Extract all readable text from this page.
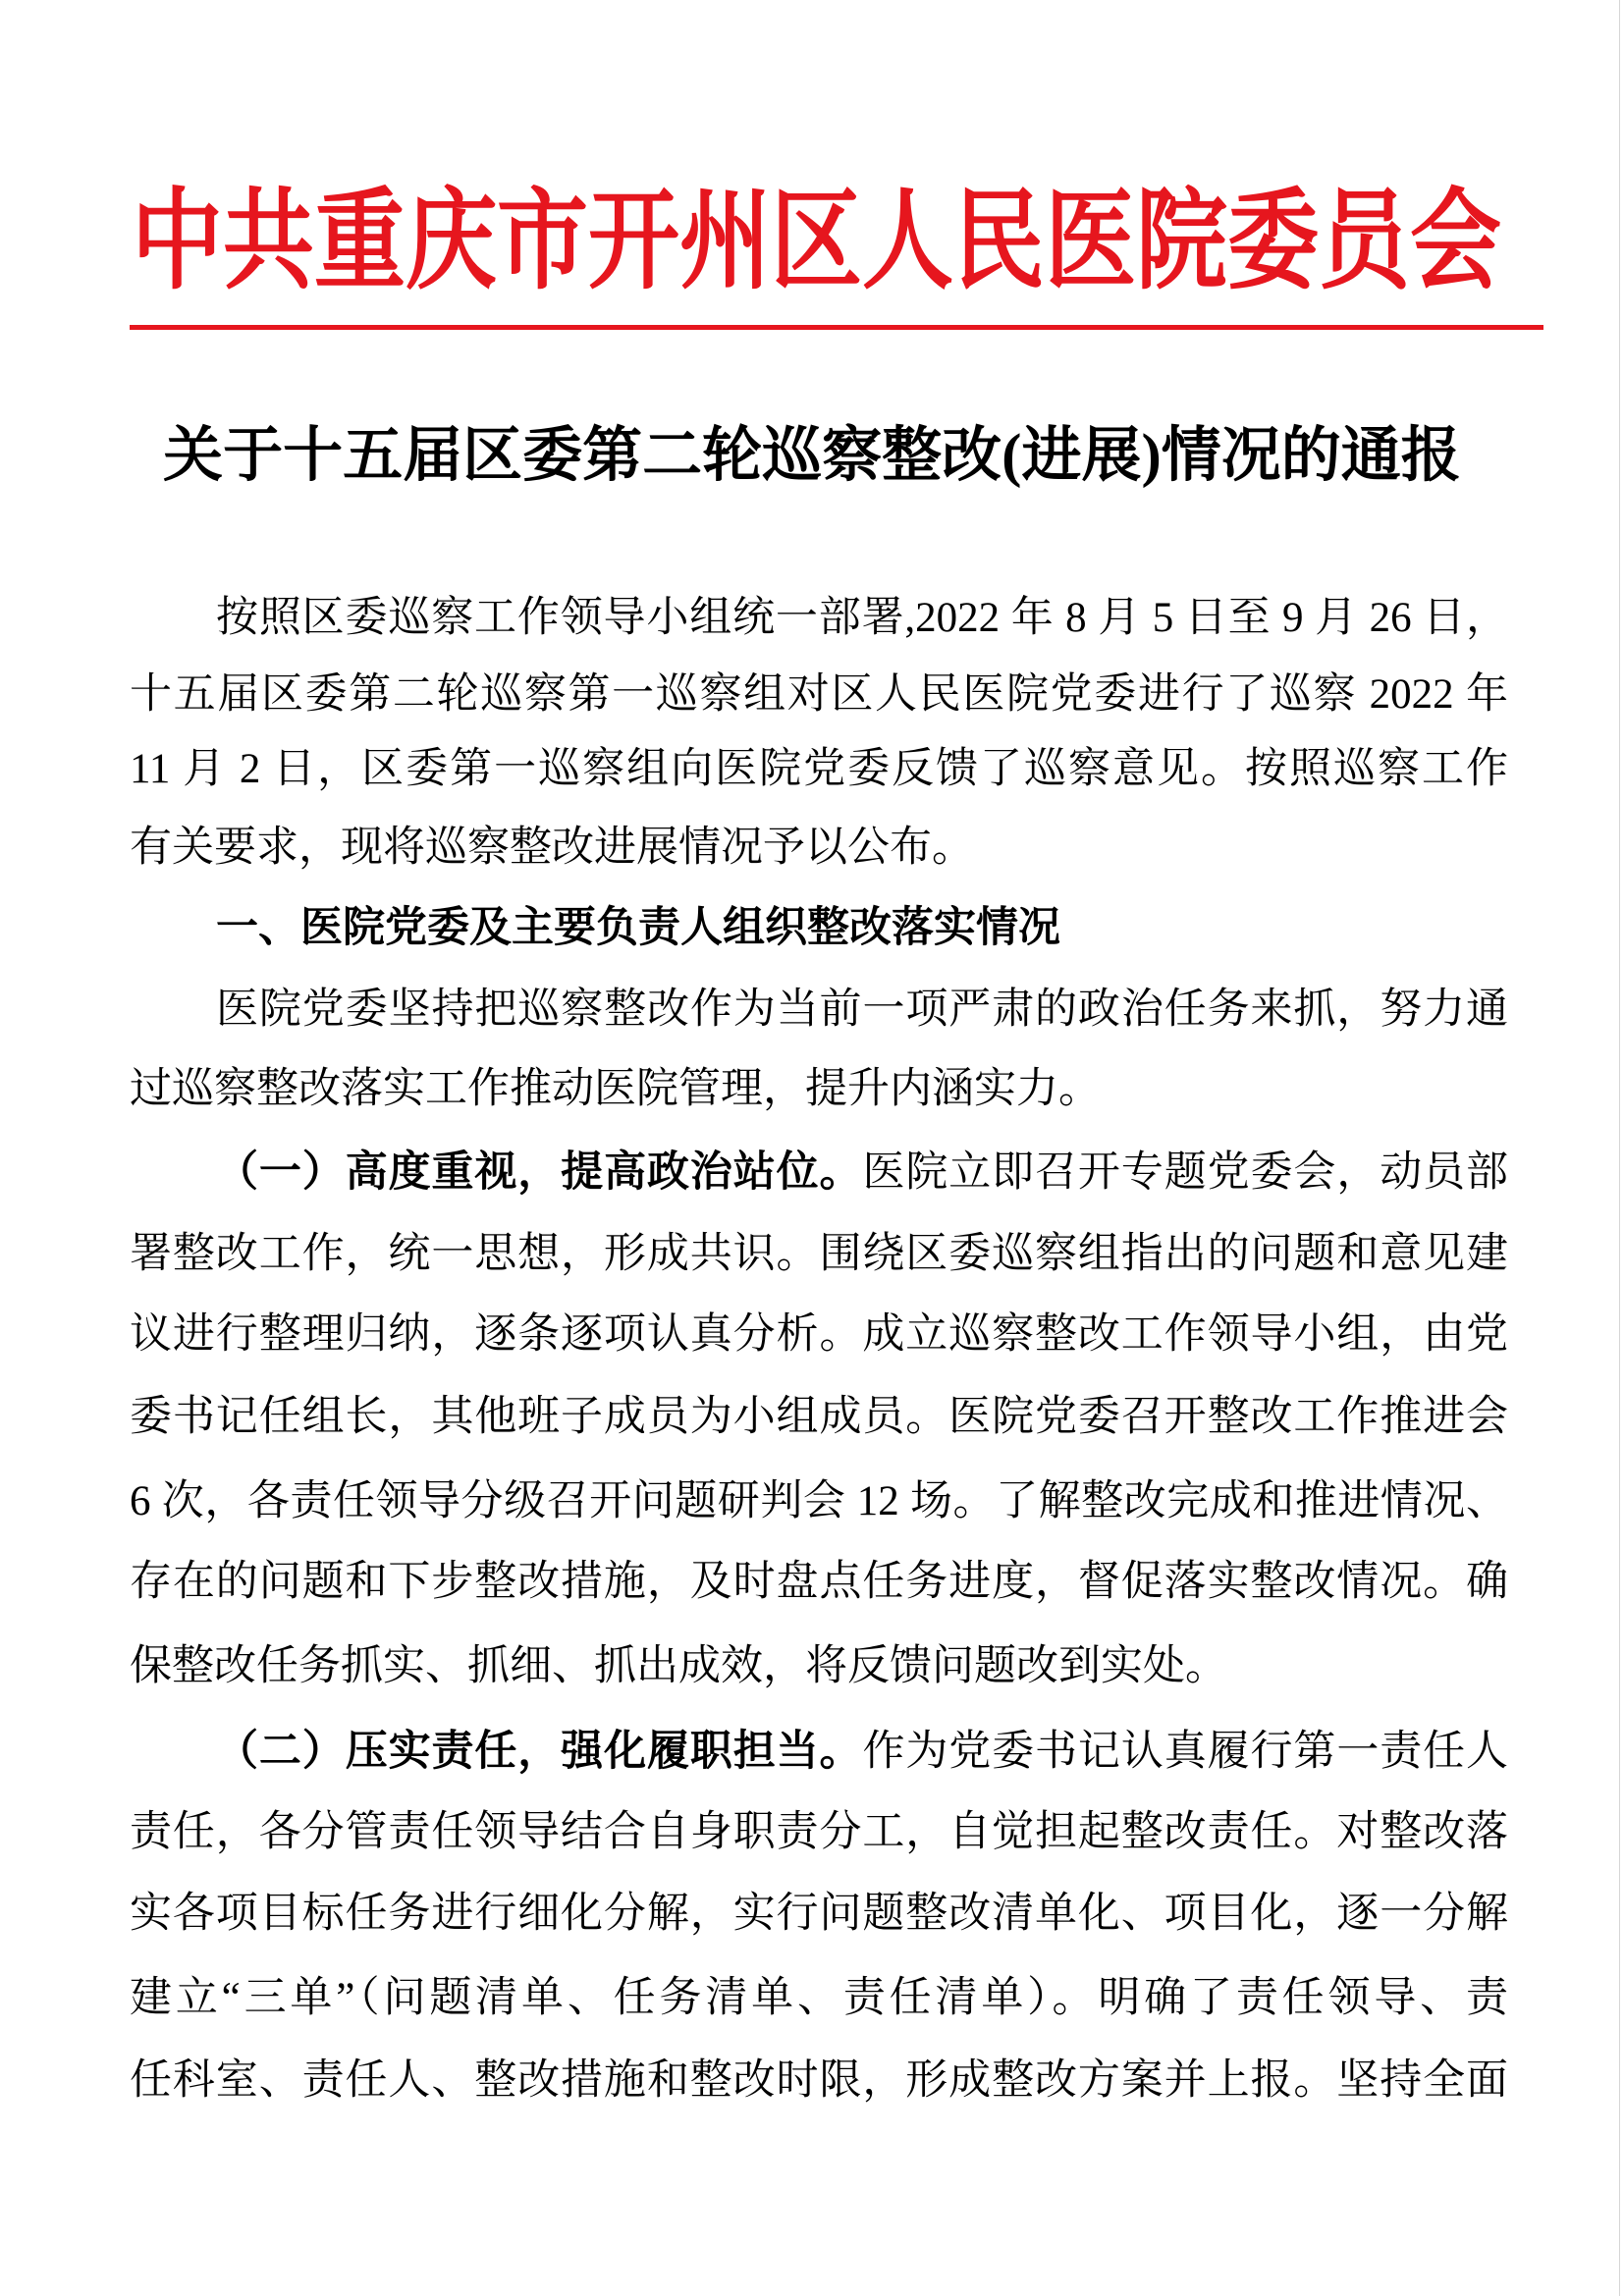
中共重庆市开州区人民医院委员会
关于十五届区委第二轮巡察整改(进展)情况的通报
按照区委巡察工作领导小组统一部署,2022 年 8 月 5 日至 9 月 26 日，
十五届区委第二轮巡察第一巡察组对区人民医院党委进行了巡察 2022 年
11 月 2 日，区委第一巡察组向医院党委反馈了巡察意见。按照巡察工作
有关要求，现将巡察整改进展情况予以公布。
一、医院党委及主要负责人组织整改落实情况
医院党委坚持把巡察整改作为当前一项严肃的政治任务来抓，努力通
过巡察整改落实工作推动医院管理，提升内涵实力。
（一）高度重视，提高政治站位。医院立即召开专题党委会，动员部
署整改工作，统一思想，形成共识。围绕区委巡察组指出的问题和意见建
议进行整理归纳，逐条逐项认真分析。成立巡察整改工作领导小组，由党
委书记任组长，其他班子成员为小组成员。医院党委召开整改工作推进会
6 次，各责任领导分级召开问题研判会 12 场。了解整改完成和推进情况、
存在的问题和下步整改措施，及时盘点任务进度，督促落实整改情况。确
保整改任务抓实、抓细、抓出成效，将反馈问题改到实处。
（二）压实责任，强化履职担当。作为党委书记认真履行第一责任人
责任，各分管责任领导结合自身职责分工，自觉担起整改责任。对整改落
实各项目标任务进行细化分解，实行问题整改清单化、项目化，逐一分解
建立“三单”（问题清单、任务清单、责任清单）。明确了责任领导、责
任科室、责任人、整改措施和整改时限，形成整改方案并上报。坚持全面
